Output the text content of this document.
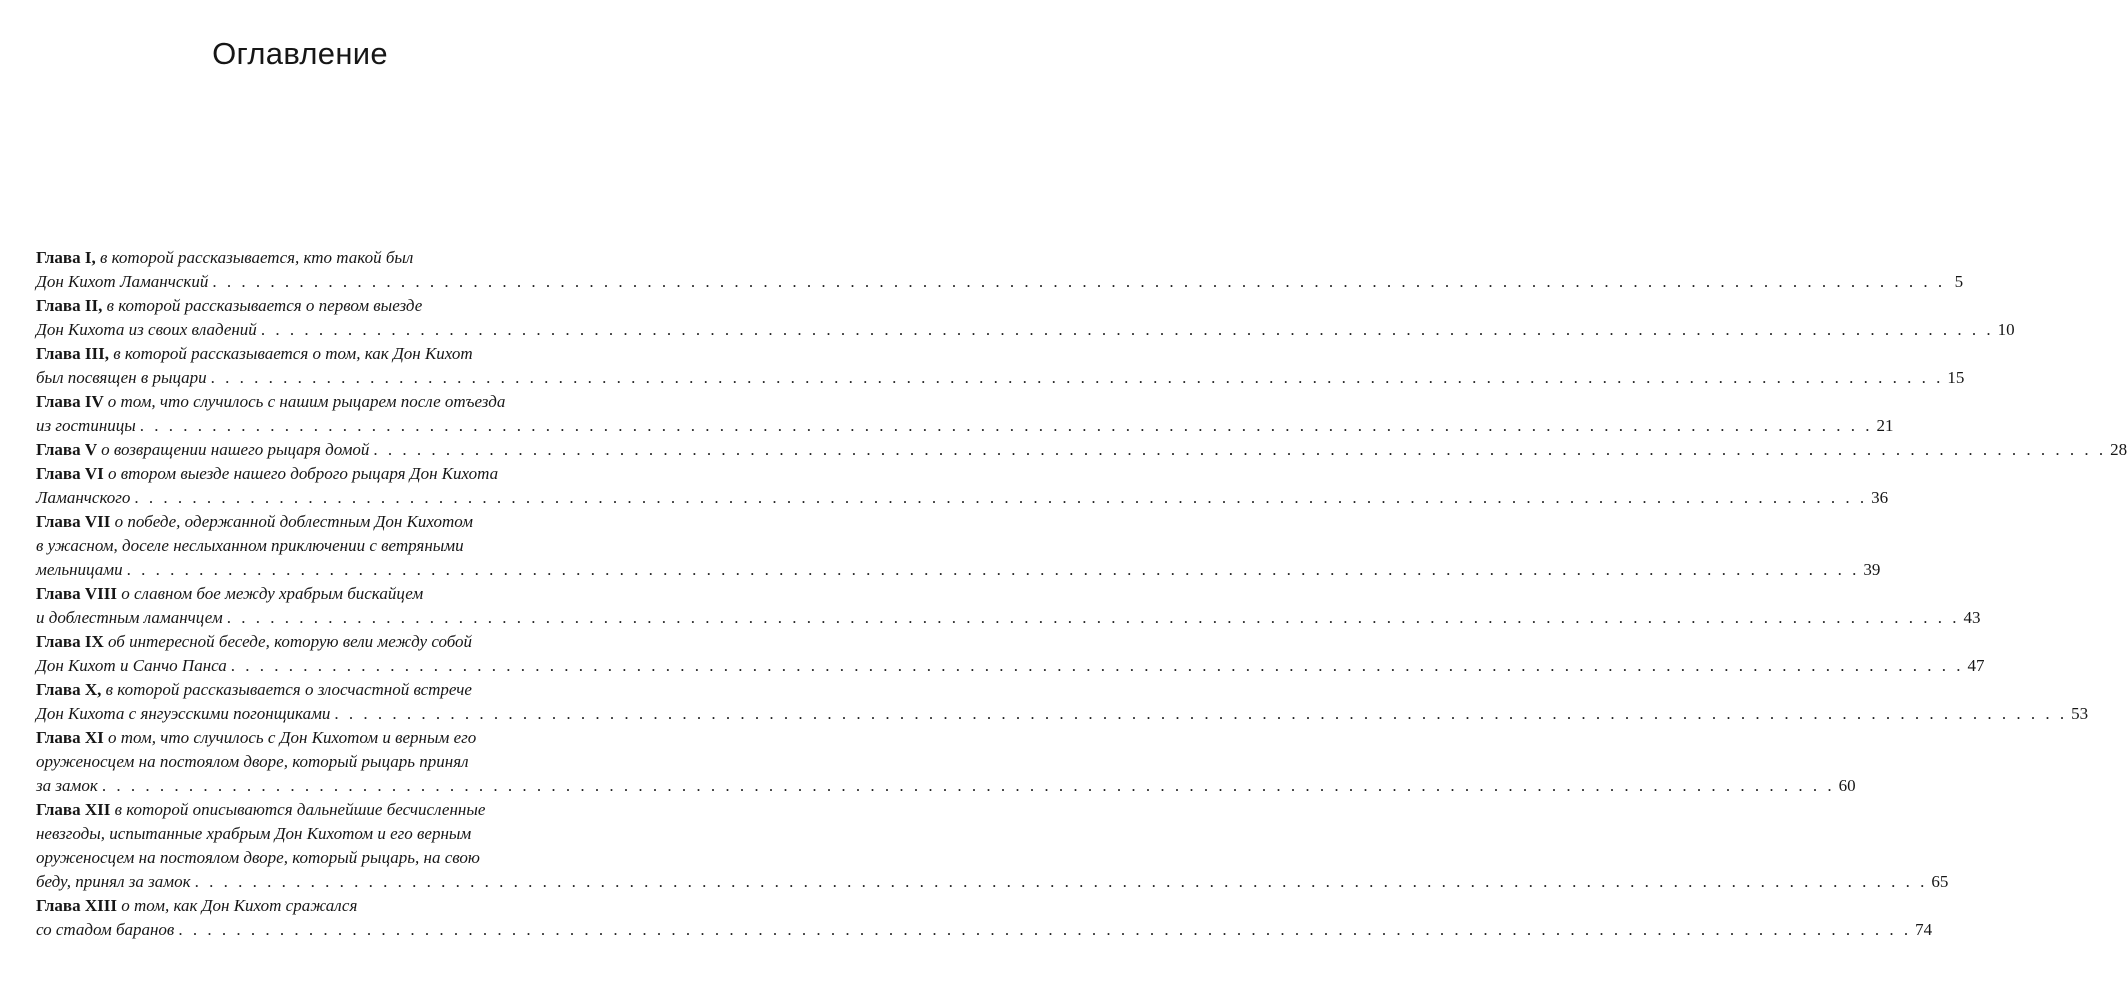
Оглавление
Глава I, в которой рассказывается, кто такой был
Дон Кихот Ламанчский . . . . . . . . . . . . . . . . . . . . . . . . . . . . . . . . . . . . . . . . . . . . . . . . . . . . . . . . . . . . . . . . . . . . . . . . . . . . . . . . . . . . . . . . . . . . . . . . . . . . . . . . . . . . . . . . . . . . . . . . 5
Глава II, в которой рассказывается о первом выезде
Дон Кихота из своих владений . . . . . . . . . . . . . . . . . . . . . . . . . . . . . . . . . . . . . . . . . . . . . . . . . . . . . . . . . . . . . . . . . . . . . . . . . . . . . . . . . . . . . . . . . . . . . . . . . . . . . . . . . . . . . . . . . . . . . . . . 10
Глава III, в которой рассказывается о том, как Дон Кихот
был посвящен в рыцари . . . . . . . . . . . . . . . . . . . . . . . . . . . . . . . . . . . . . . . . . . . . . . . . . . . . . . . . . . . . . . . . . . . . . . . . . . . . . . . . . . . . . . . . . . . . . . . . . . . . . . . . . . . . . . . . . . . . . . . . 15
Глава IV о том, что случилось с нашим рыцарем после отъезда
из гостиницы . . . . . . . . . . . . . . . . . . . . . . . . . . . . . . . . . . . . . . . . . . . . . . . . . . . . . . . . . . . . . . . . . . . . . . . . . . . . . . . . . . . . . . . . . . . . . . . . . . . . . . . . . . . . . . . . . . . . . . . . 21
Глава V о возвращении нашего рыцаря домой . . . . . . . . . . . . . . . . . . . . . . . . . . . . . . . . . . . . . . . . . . . . . . . . . . . . . . . . . . . . . . . . . . . . . . . . . . . . . . . . . . . . . . . . . . . . . . . . . . . . . . . . . . . . . . . . . . . . . . . . 28
Глава VI о втором выезде нашего доброго рыцаря Дон Кихота
Ламанчского . . . . . . . . . . . . . . . . . . . . . . . . . . . . . . . . . . . . . . . . . . . . . . . . . . . . . . . . . . . . . . . . . . . . . . . . . . . . . . . . . . . . . . . . . . . . . . . . . . . . . . . . . . . . . . . . . . . . . . . . 36
Глава VII о победе, одержанной доблестным Дон Кихотом
в ужасном, доселе неслыханном приключении с ветряными
мельницами . . . . . . . . . . . . . . . . . . . . . . . . . . . . . . . . . . . . . . . . . . . . . . . . . . . . . . . . . . . . . . . . . . . . . . . . . . . . . . . . . . . . . . . . . . . . . . . . . . . . . . . . . . . . . . . . . . . . . . . . 39
Глава VIII о славном бое между храбрым бискайцем
и доблестным ламанчцем . . . . . . . . . . . . . . . . . . . . . . . . . . . . . . . . . . . . . . . . . . . . . . . . . . . . . . . . . . . . . . . . . . . . . . . . . . . . . . . . . . . . . . . . . . . . . . . . . . . . . . . . . . . . . . . . . . . . . . . . 43
Глава IX об интересной беседе, которую вели между собой
Дон Кихот и Санчо Панса . . . . . . . . . . . . . . . . . . . . . . . . . . . . . . . . . . . . . . . . . . . . . . . . . . . . . . . . . . . . . . . . . . . . . . . . . . . . . . . . . . . . . . . . . . . . . . . . . . . . . . . . . . . . . . . . . . . . . . . . 47
Глава X, в которой рассказывается о злосчастной встрече
Дон Кихота с янгуэсскими погонщиками . . . . . . . . . . . . . . . . . . . . . . . . . . . . . . . . . . . . . . . . . . . . . . . . . . . . . . . . . . . . . . . . . . . . . . . . . . . . . . . . . . . . . . . . . . . . . . . . . . . . . . . . . . . . . . . . . . . . . . . . 53
Глава XI о том, что случилось с Дон Кихотом и верным его
оруженосцем на постоялом дворе, который рыцарь принял
за замок . . . . . . . . . . . . . . . . . . . . . . . . . . . . . . . . . . . . . . . . . . . . . . . . . . . . . . . . . . . . . . . . . . . . . . . . . . . . . . . . . . . . . . . . . . . . . . . . . . . . . . . . . . . . . . . . . . . . . . . . 60
Глава XII в которой описываются дальнейшие бесчисленные
невзгоды, испытанные храбрым Дон Кихотом и его верным
оруженосцем на постоялом дворе, который рыцарь, на свою
беду, принял за замок . . . . . . . . . . . . . . . . . . . . . . . . . . . . . . . . . . . . . . . . . . . . . . . . . . . . . . . . . . . . . . . . . . . . . . . . . . . . . . . . . . . . . . . . . . . . . . . . . . . . . . . . . . . . . . . . . . . . . . . . 65
Глава XIII о том, как Дон Кихот сражался
со стадом баранов . . . . . . . . . . . . . . . . . . . . . . . . . . . . . . . . . . . . . . . . . . . . . . . . . . . . . . . . . . . . . . . . . . . . . . . . . . . . . . . . . . . . . . . . . . . . . . . . . . . . . . . . . . . . . . . . . . . . . . . . 74
